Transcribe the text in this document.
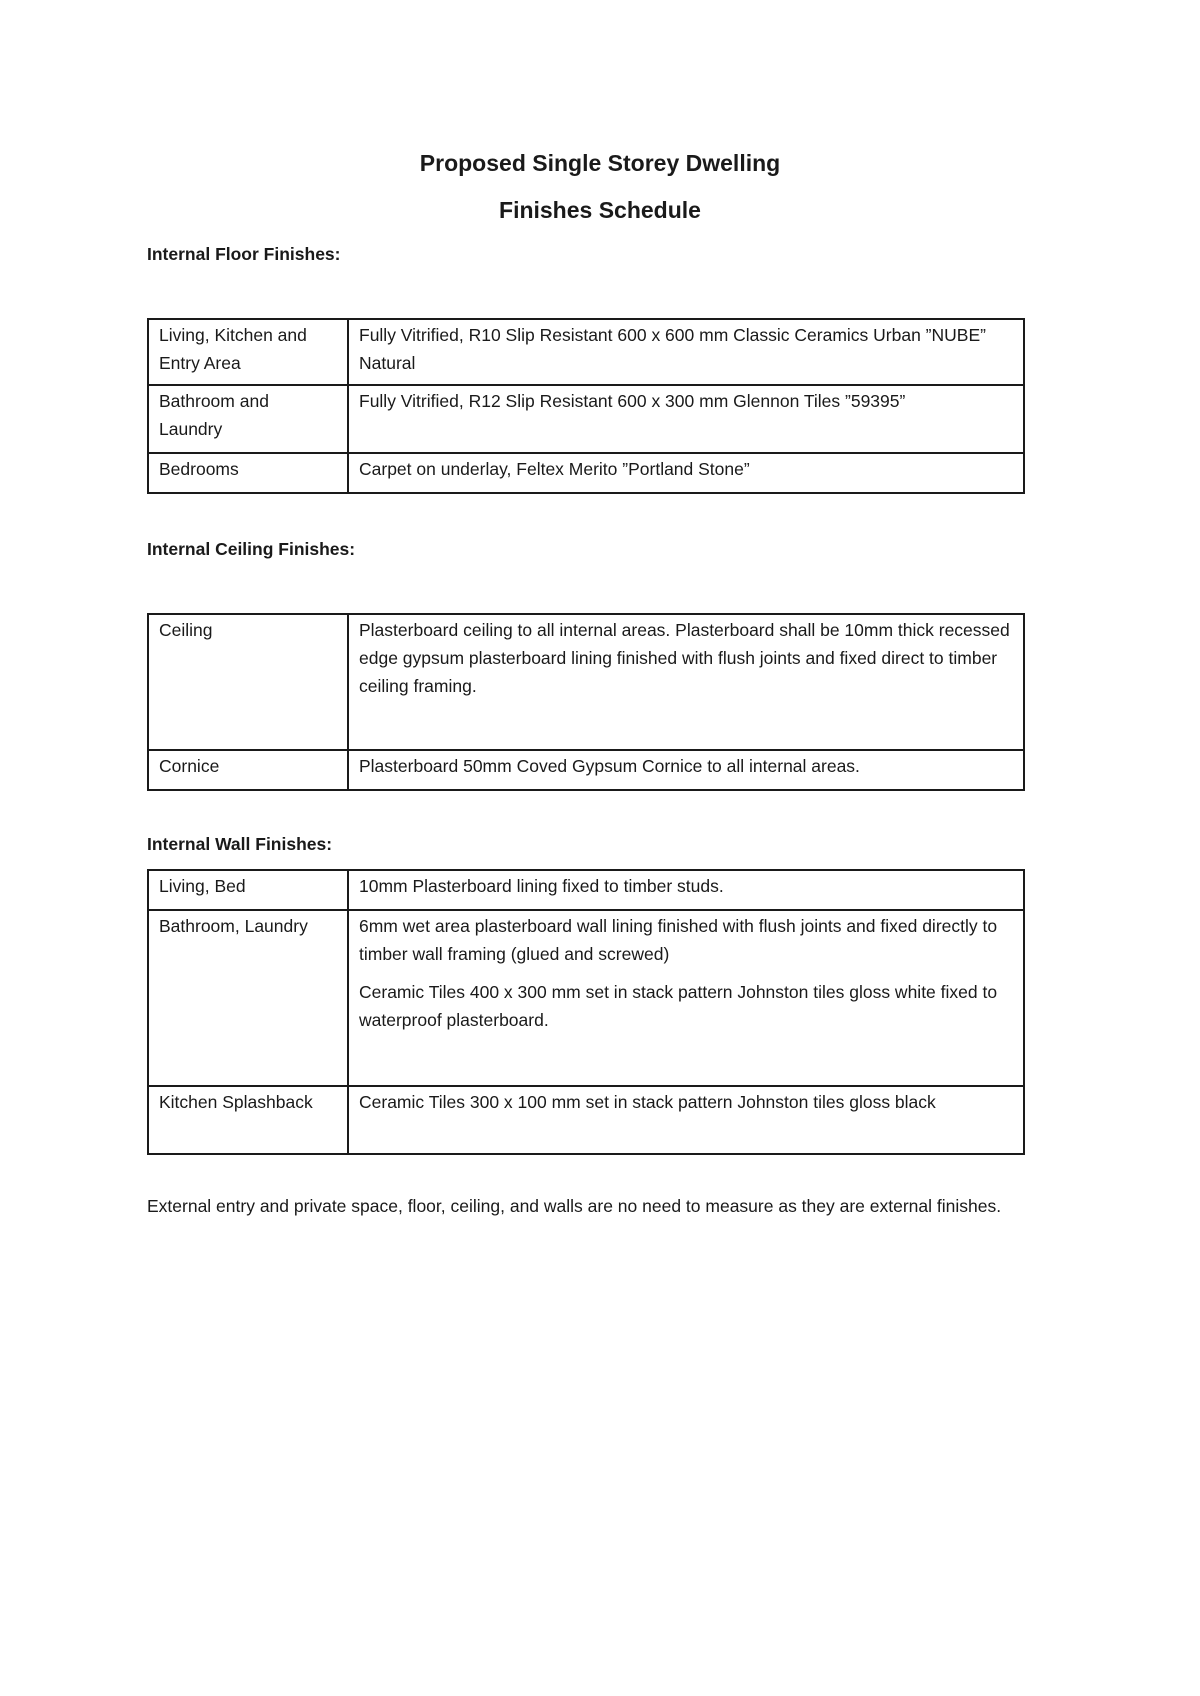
Proposed Single Storey Dwelling
Finishes Schedule

Internal Floor Finishes:

Living, Kitchen and Entry Area	Fully Vitrified, R10 Slip Resistant 600 x 600 mm Classic Ceramics Urban ”NUBE” Natural
Bathroom and Laundry	Fully Vitrified, R12 Slip Resistant 600 x 300 mm Glennon Tiles ”59395”
Bedrooms	Carpet on underlay, Feltex Merito ”Portland Stone”

Internal Ceiling Finishes:

Ceiling	Plasterboard ceiling to all internal areas. Plasterboard shall be 10mm thick recessed edge gypsum plasterboard lining finished with flush joints and fixed direct to timber ceiling framing.
Cornice	Plasterboard 50mm Coved Gypsum Cornice to all internal areas.

Internal Wall Finishes:

Living, Bed	10mm Plasterboard lining fixed to timber studs.
Bathroom, Laundry	6mm wet area plasterboard wall lining finished with flush joints and fixed directly to timber wall framing (glued and screwed)
Ceramic Tiles 400 x 300 mm set in stack pattern Johnston tiles gloss white fixed to waterproof plasterboard.

Kitchen Splashback	Ceramic Tiles 300 x 100 mm set in stack pattern Johnston tiles gloss black

External entry and private space, floor, ceiling, and walls are no need to measure as they are external finishes.
